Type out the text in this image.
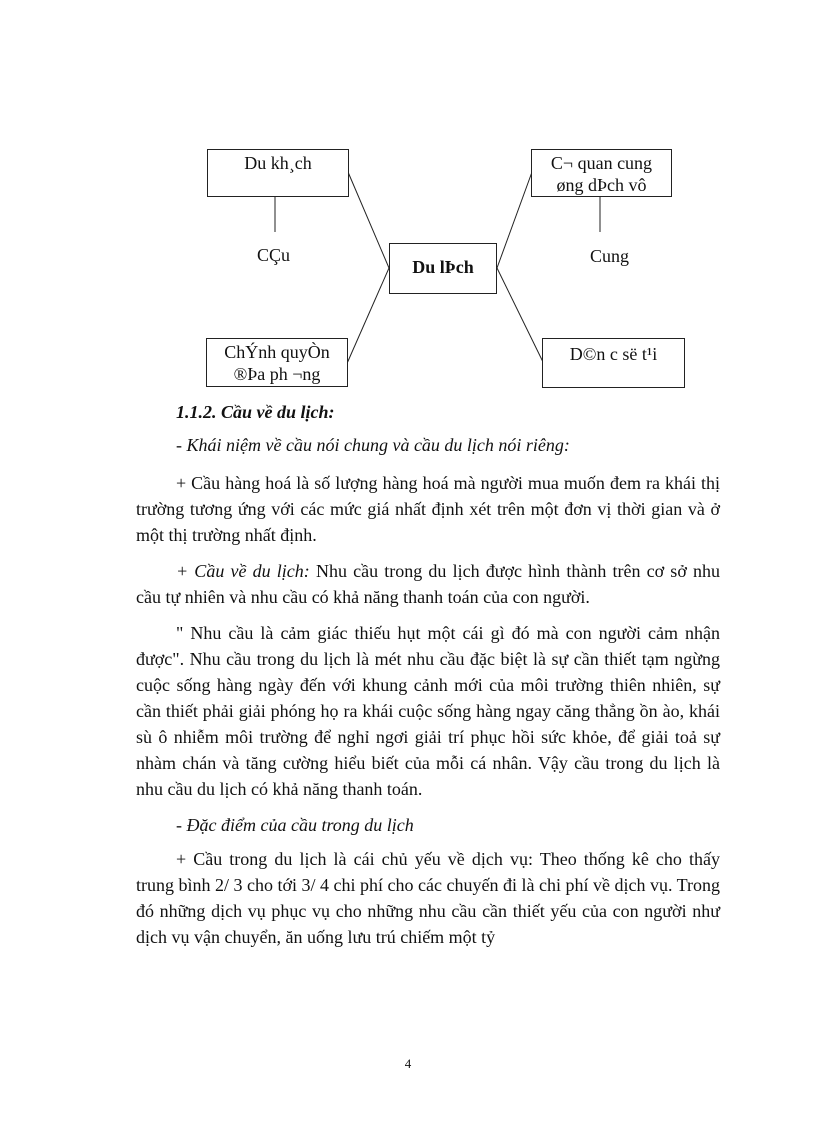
Du kh¸ch	C¬ quan cung
øng dÞch vô
Du lÞch
ChÝnh quyÒn
®Þa ph ¬ng
D©n c së t¹i
CÇu	Cung
1.1.2. Cầu về du lịch:

- Khái niệm về cầu nói chung và cầu du lịch nói riêng:

+ Cầu hàng hoá là số lượng hàng hoá mà người mua muốn đem ra khái thị trường tương ứng với các mức giá nhất định xét trên một đơn vị thời gian và ở một thị trường nhất định.

+ Cầu về du lịch: Nhu cầu trong du lịch được hình thành trên cơ sở nhu cầu tự nhiên và nhu cầu có khả năng thanh toán của con người.

" Nhu cầu là cảm giác thiếu hụt một cái gì đó mà con người cảm nhận được". Nhu cầu trong du lịch là mét nhu cầu đặc biệt là sự cần thiết tạm ngừng cuộc sống hàng ngày đến với khung cảnh mới của môi trường thiên nhiên, sự cần thiết phải giải phóng họ ra khái cuộc sống hàng ngay căng thẳng ồn ào, khái sù ô nhiễm môi trường để nghỉ ngơi giải trí phục hồi sức khỏe, để giải toả sự nhàm chán và tăng cường hiểu biết của mỗi cá nhân. Vậy cầu trong du lịch là nhu cầu du lịch có khả năng thanh toán.

- Đặc điểm của cầu trong du lịch

+ Cầu trong du lịch là cái chủ yếu về dịch vụ: Theo thống kê cho thấy trung bình 2/ 3 cho tới 3/ 4 chi phí cho các chuyến đi là chi phí về dịch vụ. Trong đó những dịch vụ phục vụ cho những nhu cầu cần thiết yếu của con người như dịch vụ vận chuyển, ăn uống lưu trú chiếm một tỷ

4
